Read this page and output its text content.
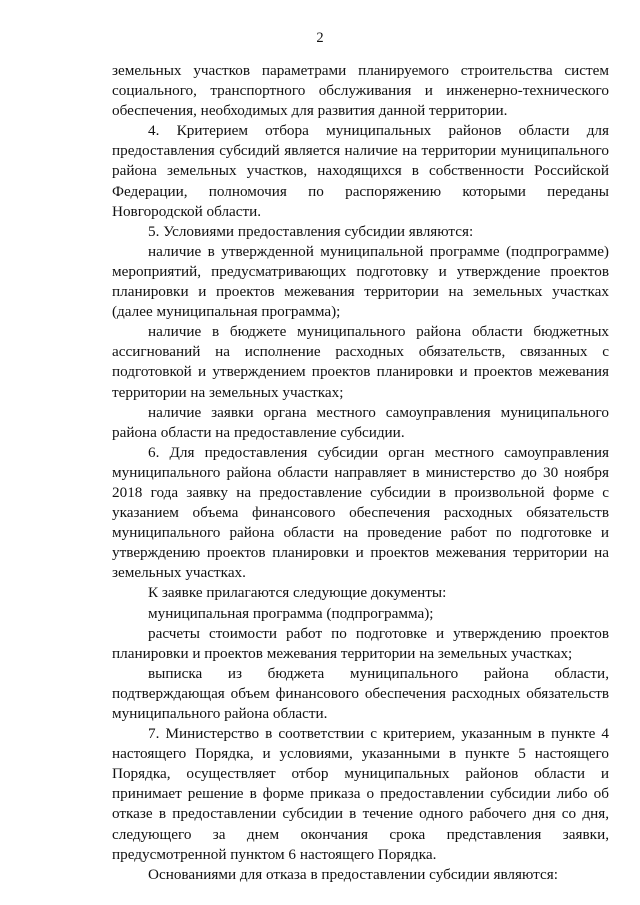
2

земельных участков параметрами планируемого строительства систем социального, транспортного обслуживания и инженерно-технического обеспечения, необходимых для развития данной территории.

4. Критерием отбора муниципальных районов области для предоставления субсидий является наличие на территории муниципального района земельных участков, находящихся в собственности Российской Федерации, полномочия по распоряжению которыми переданы Новгородской области.

5. Условиями предоставления субсидии являются:

наличие в утвержденной муниципальной программе (подпрограмме) мероприятий, предусматривающих подготовку и утверждение проектов планировки и проектов межевания территории на земельных участках (далее муниципальная программа);

наличие в бюджете муниципального района области бюджетных ассигнований на исполнение расходных обязательств, связанных с подготовкой и утверждением проектов планировки и проектов межевания территории на земельных участках;

наличие заявки органа местного самоуправления муниципального района области на предоставление субсидии.

6. Для предоставления субсидии орган местного самоуправления муниципального района области направляет в министерство до 30 ноября 2018 года заявку на предоставление субсидии в произвольной форме с указанием объема финансового обеспечения расходных обязательств муниципального района области на проведение работ по подготовке и утверждению проектов планировки и проектов межевания территории на земельных участках.

К заявке прилагаются следующие документы:

муниципальная программа (подпрограмма);

расчеты стоимости работ по подготовке и утверждению проектов планировки и проектов межевания территории на земельных участках;

выписка из бюджета муниципального района области, подтверждающая объем финансового обеспечения расходных обязательств муниципального района области.

7. Министерство в соответствии с критерием, указанным в пункте 4 настоящего Порядка, и условиями, указанными в пункте 5 настоящего Порядка, осуществляет отбор муниципальных районов области и принимает решение в форме приказа о предоставлении субсидии либо об отказе в предоставлении субсидии в течение одного рабочего дня со дня, следующего за днем окончания срока представления заявки, предусмотренной пунктом 6 настоящего Порядка.

Основаниями для отказа в предоставлении субсидии являются:
